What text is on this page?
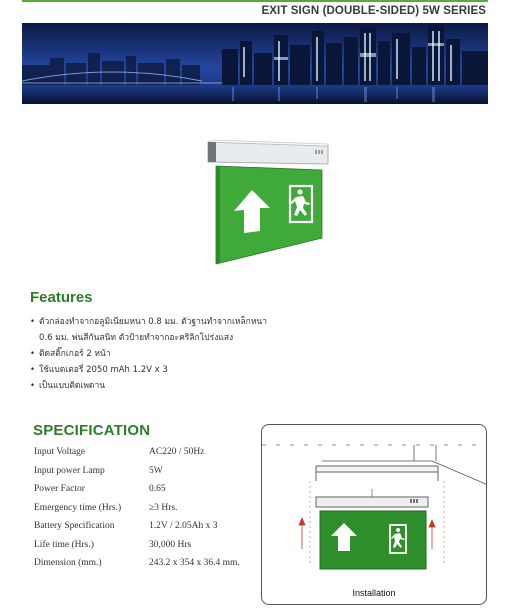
EXIT SIGN (DOUBLE-SIDED) 5W SERIES
Features
• ตัวกล่องทำจากอลูมิเนียมหนา 0.8 มม. ตัวฐานทำจากเหล็กหนา
0.6 มม. พ่นสีกันสนิท ตัวป้ายทำจากอะคริลิกโปร่งแสง
• ติดสติ๊กเกอร์ 2 หน้า
• ใช้แบตเตอรี่ 2050 mAh 1.2V x 3
• เป็นแบบติดเพดาน
SPECIFICATION
Input Voltage	AC220 / 50Hz
Input power Lamp	5W
Power Factor	0.65
Emergency time (Hrs.)	≥3 Hrs.
Battery Specification	1.2V / 2.05Ah x 3
Life time (Hrs.)	30,000 Hrs
Dimension (mm.)	243.2 x 354 x 36.4 mm.
Installation
